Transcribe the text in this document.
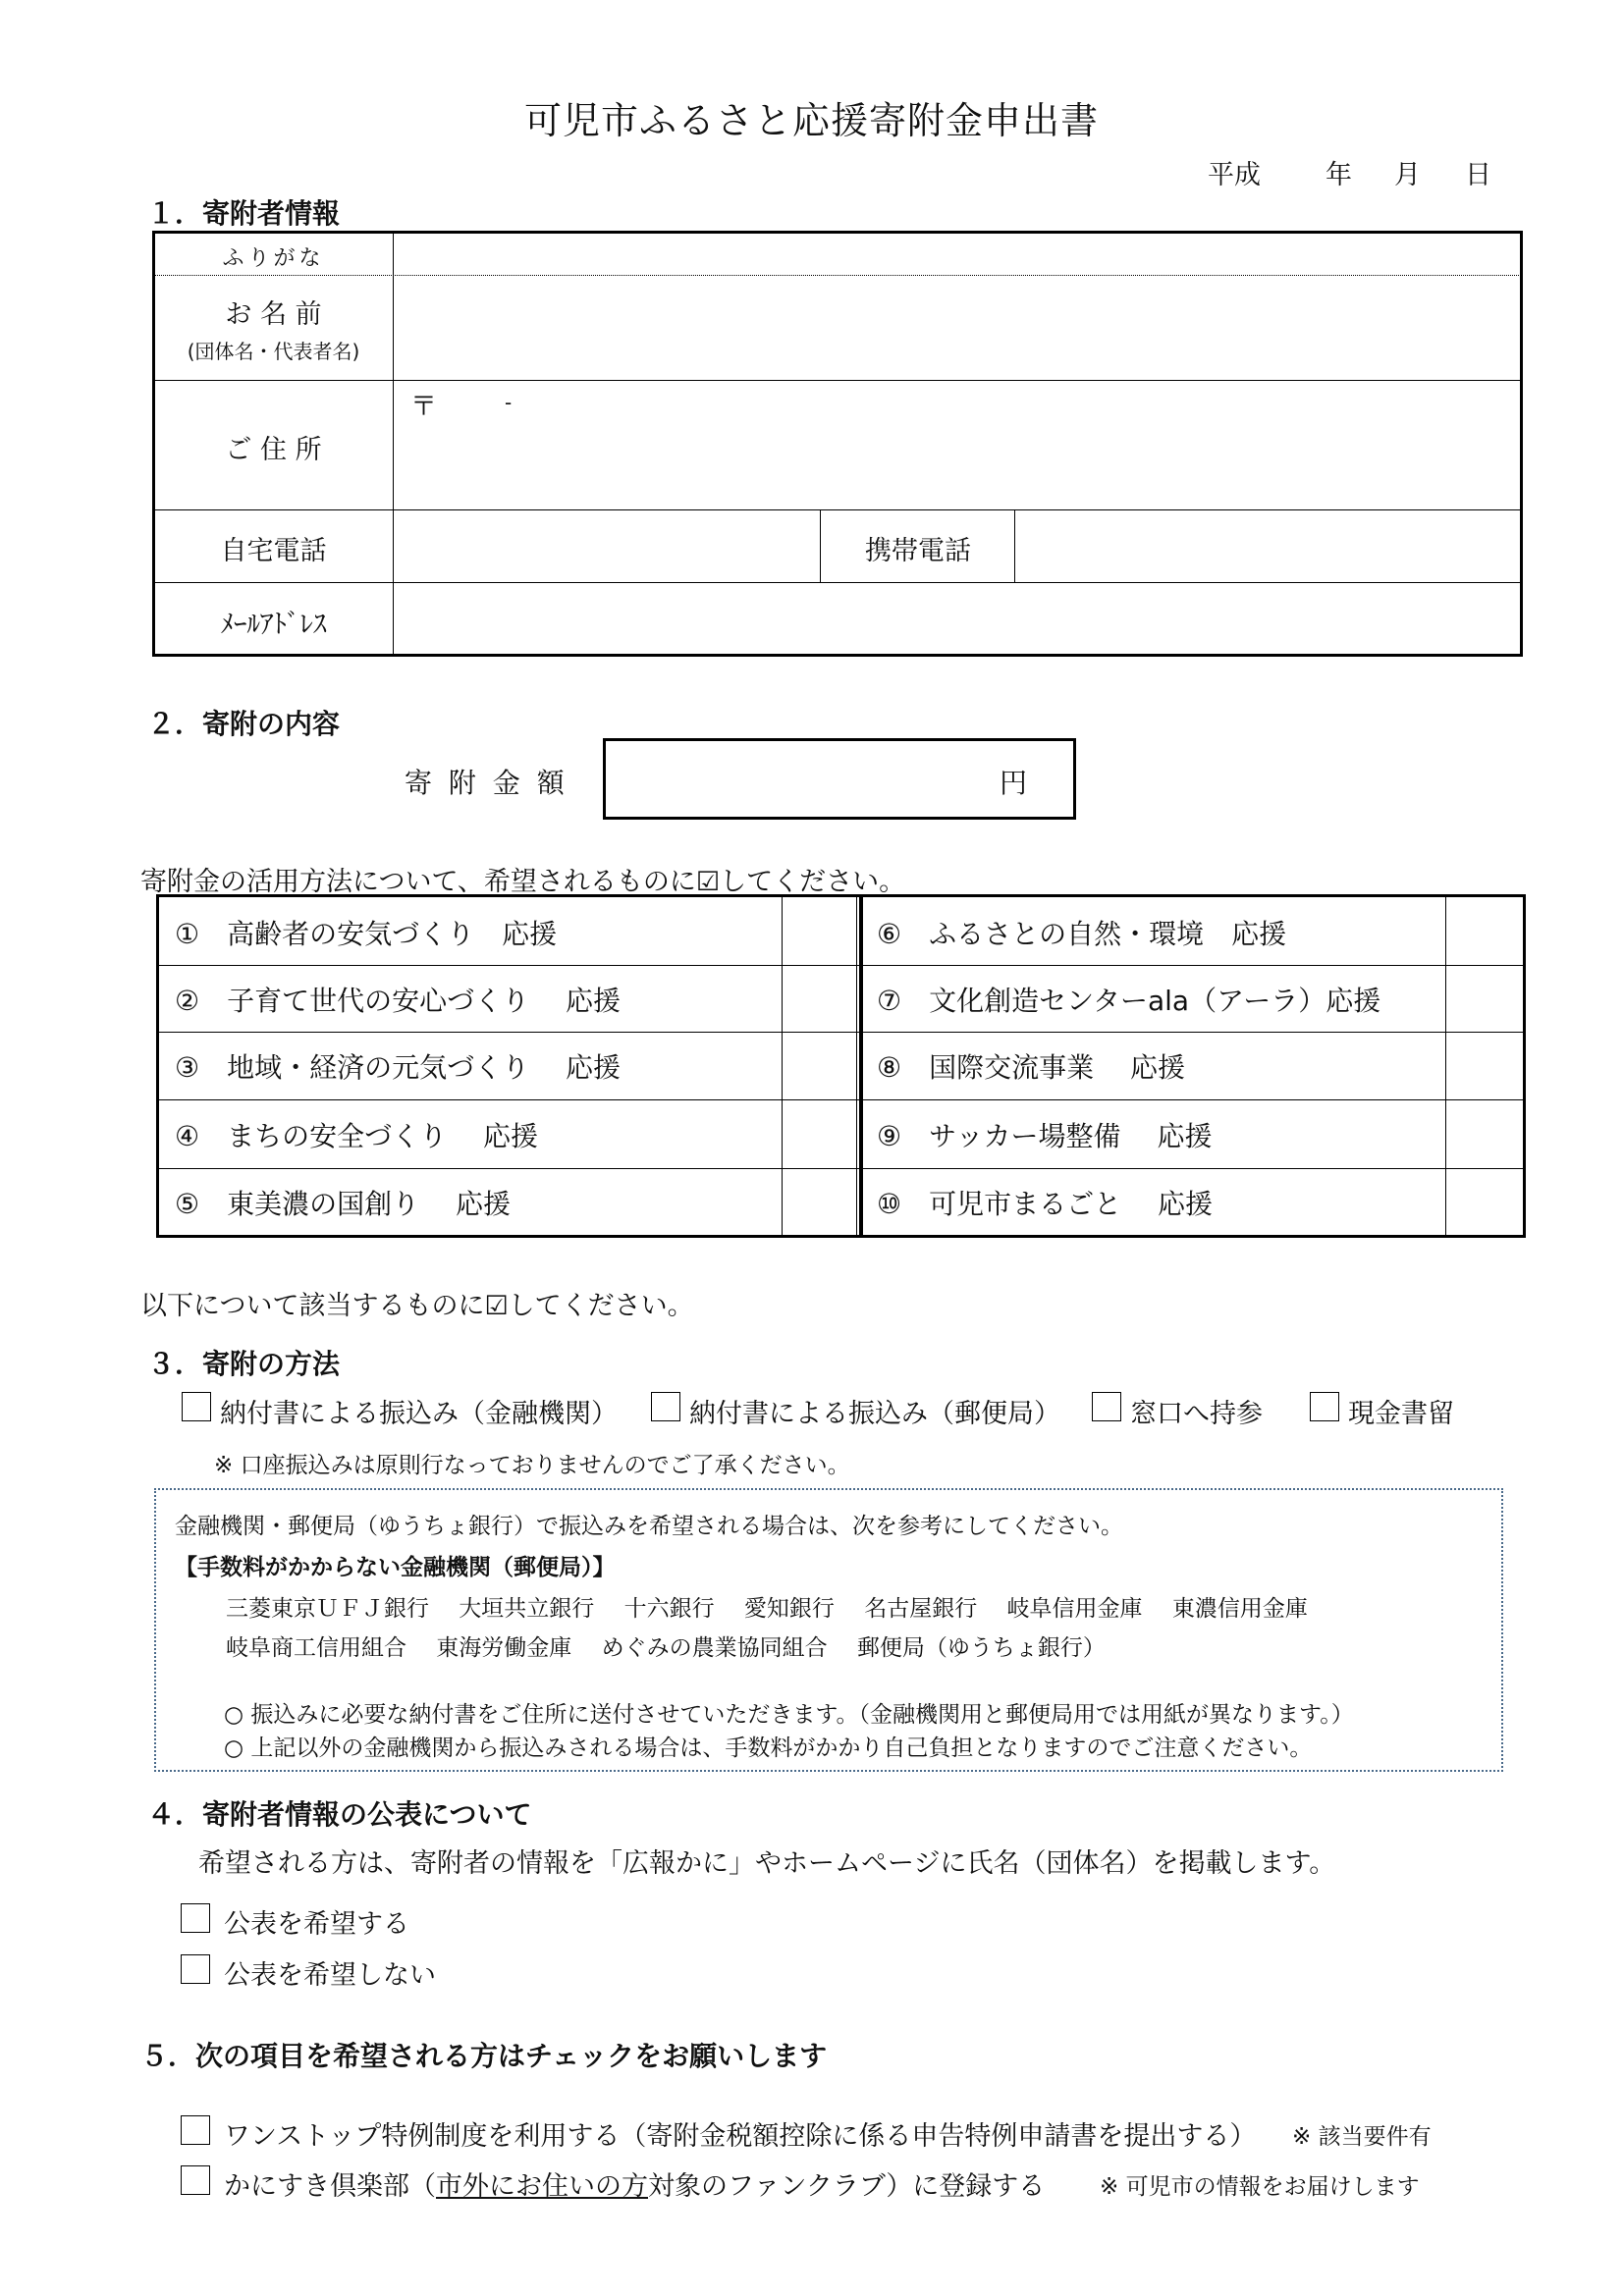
可児市ふるさと応援寄附金申出書
平成 年 月 日
１．寄附者情報
ふりがな
お 名 前
(団体名・代表者名)
〒	-
ご 住 所
自宅電話	携帯電話
ﾒｰﾙｱﾄﾞﾚｽ
２．寄附の内容
寄 附 金 額	円
寄附金の活用方法について、希望されるものに☑してください。
①　高齢者の安気づくり　応援
②　子育て世代の安心づくり　 応援
③　地域・経済の元気づくり　 応援
④　まちの安全づくり　 応援
⑤　東美濃の国創り　 応援
⑥　ふるさとの自然・環境　応援
⑦　文化創造センターala（アーラ）応援
⑧　国際交流事業　 応援
⑨　サッカー場整備　 応援
⑩　可児市まるごと　 応援
以下について該当するものに☑してください。
３．寄附の方法
納付書による振込み（金融機関）	納付書による振込み（郵便局）	窓口へ持参	現金書留
※ 口座振込みは原則行なっておりませんのでご了承ください。
金融機関・郵便局（ゆうちょ銀行）で振込みを希望される場合は、次を参考にしてください。
【手数料がかからない金融機関（郵便局）】
三菱東京ＵＦＪ銀行　 大垣共立銀行　 十六銀行　 愛知銀行　 名古屋銀行　 岐阜信用金庫　 東濃信用金庫
岐阜商工信用組合　 東海労働金庫　 めぐみの農業協同組合　 郵便局（ゆうちょ銀行）
○ 振込みに必要な納付書をご住所に送付させていただきます。（金融機関用と郵便局用では用紙が異なります。）
○ 上記以外の金融機関から振込みされる場合は、手数料がかかり自己負担となりますのでご注意ください。
４．寄附者情報の公表について
希望される方は、寄附者の情報を「広報かに」やホームページに氏名（団体名）を掲載します。
公表を希望する
公表を希望しない
５．次の項目を希望される方はチェックをお願いします
ワンストップ特例制度を利用する（寄附金税額控除に係る申告特例申請書を提出する） ※ 該当要件有
かにすき倶楽部（市外にお住いの方対象のファンクラブ）に登録する ※ 可児市の情報をお届けします
